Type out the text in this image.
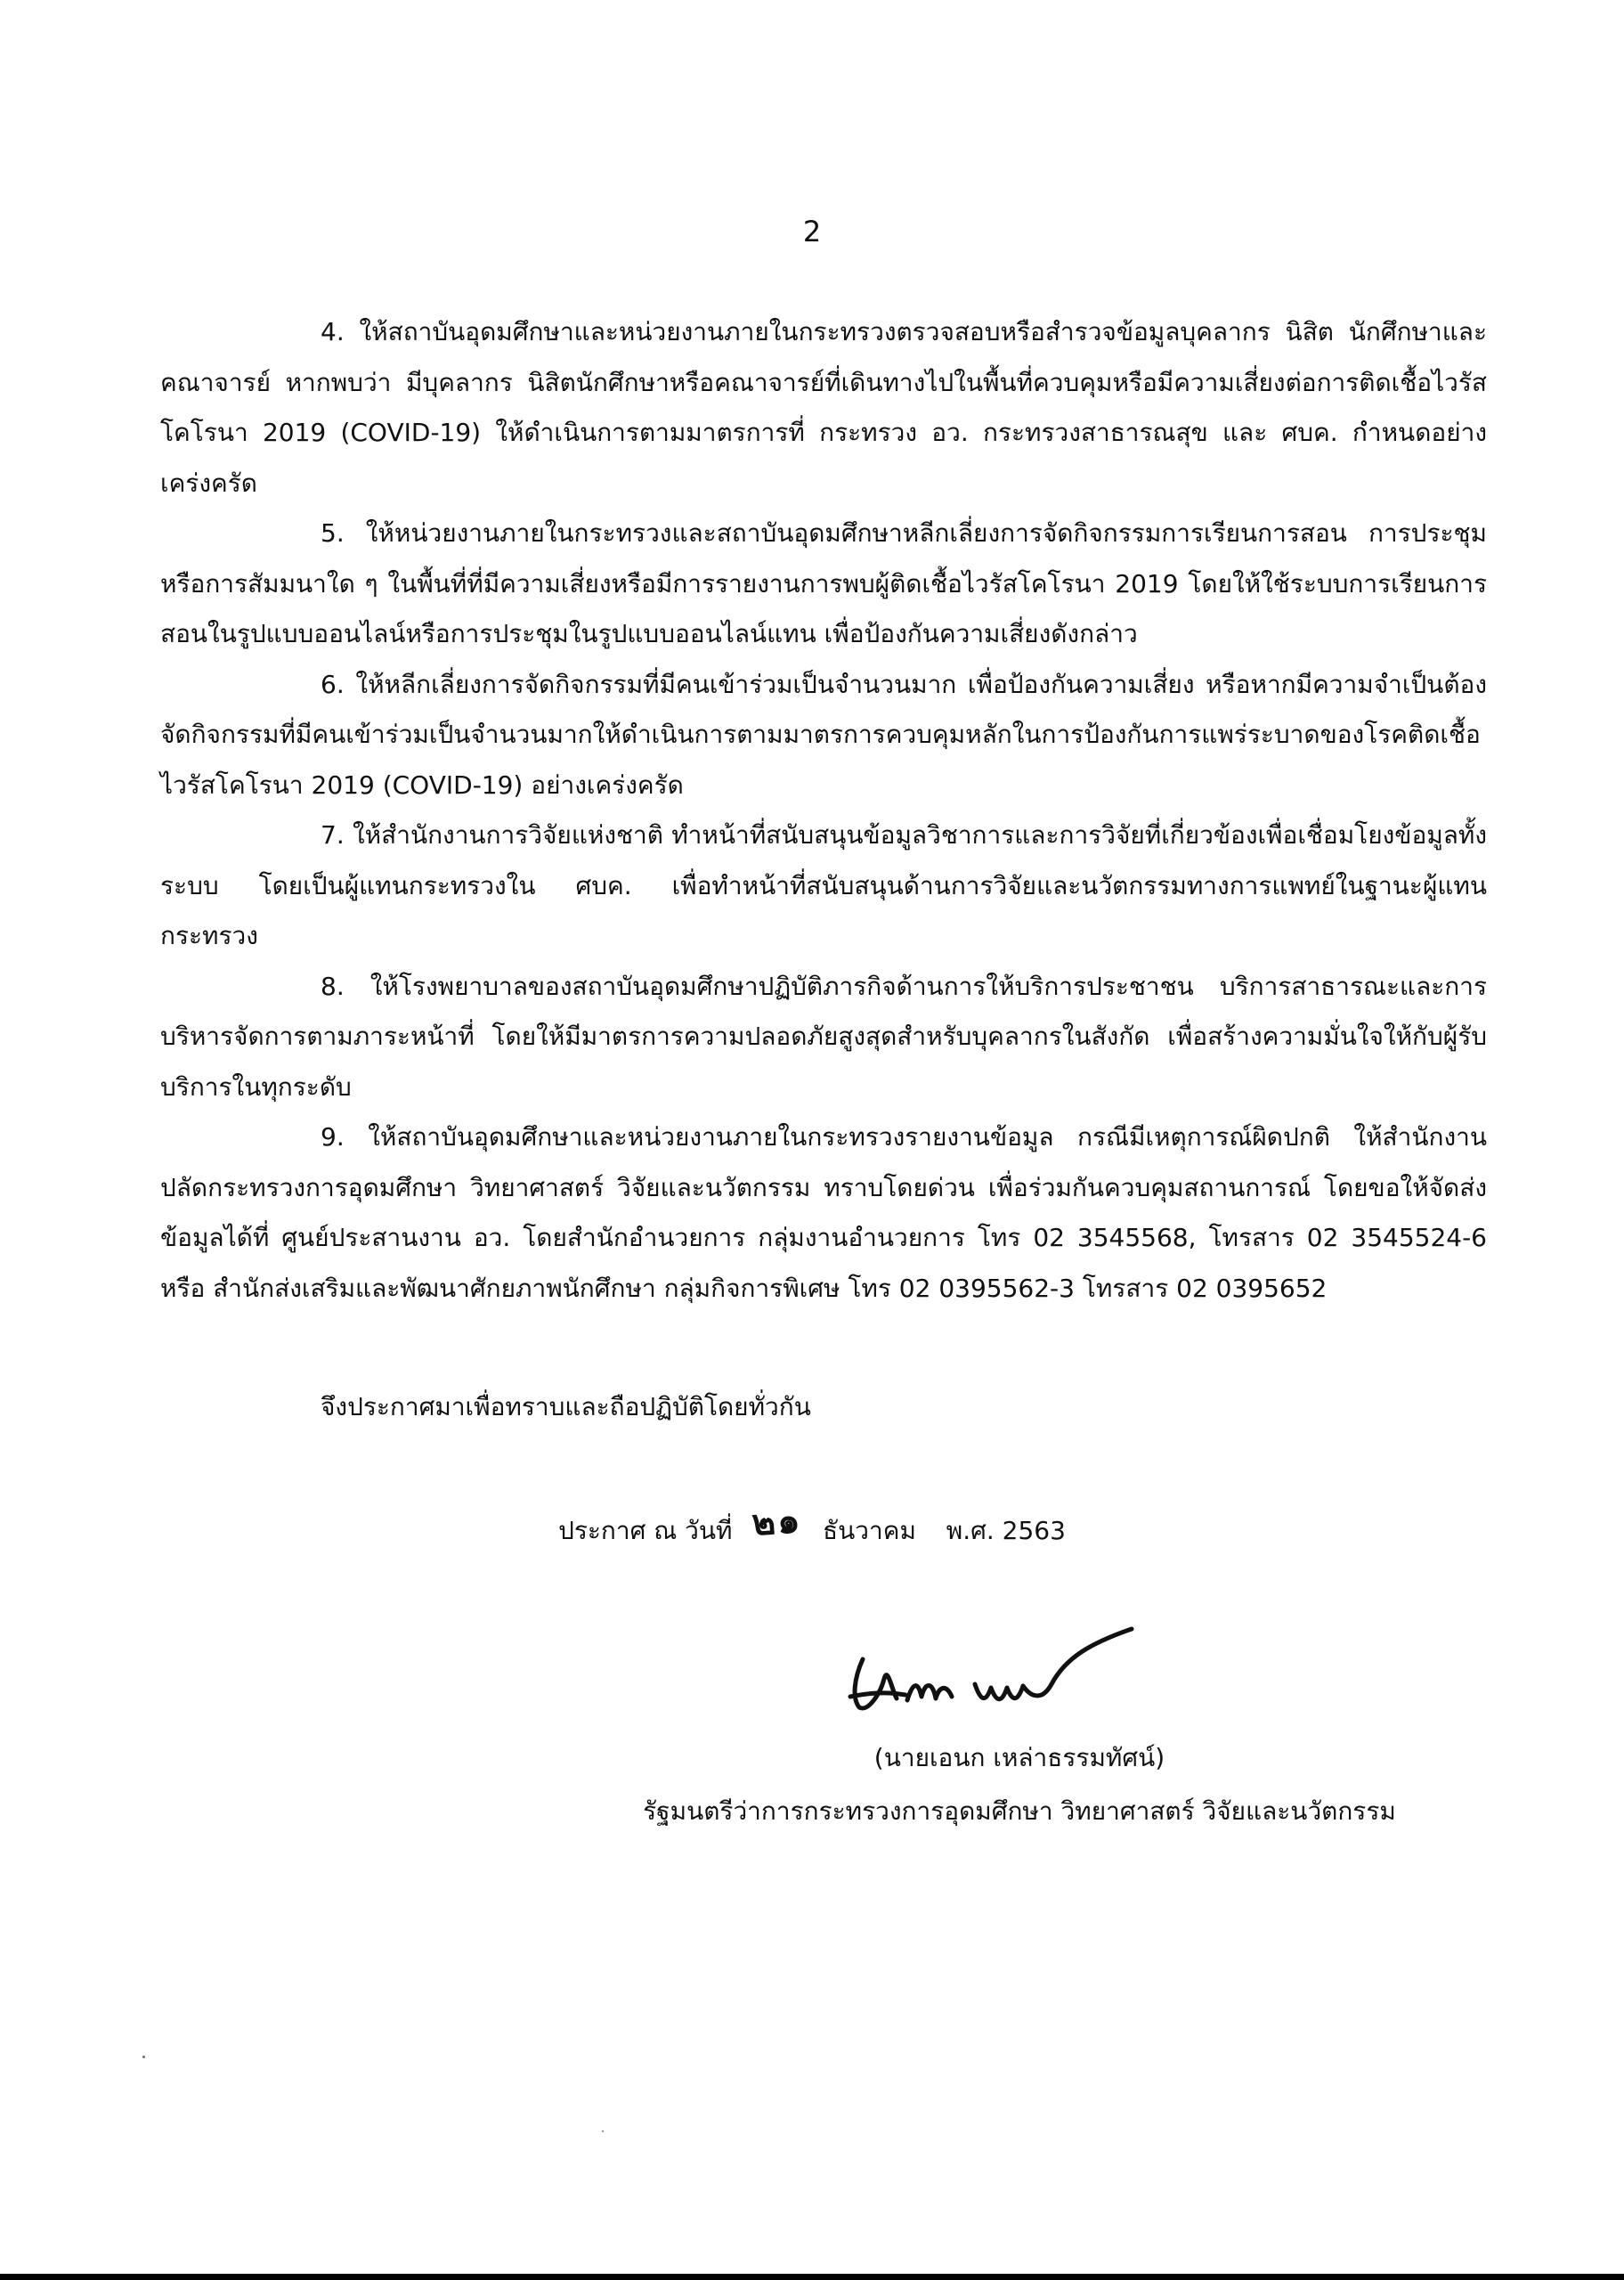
2

4. ให้สถาบันอุดมศึกษาและหน่วยงานภายในกระทรวงตรวจสอบหรือสำรวจข้อมูลบุคลากร นิสิต นักศึกษาและคณาจารย์ หากพบว่า มีบุคลากร นิสิตนักศึกษาหรือคณาจารย์ที่เดินทางไปในพื้นที่ควบคุมหรือมีความเสี่ยงต่อการติดเชื้อไวรัสโคโรนา 2019 (COVID-19) ให้ดำเนินการตามมาตรการที่ กระทรวง อว. กระทรวงสาธารณสุข และ ศบค. กำหนดอย่างเคร่งครัด

5. ให้หน่วยงานภายในกระทรวงและสถาบันอุดมศึกษาหลีกเลี่ยงการจัดกิจกรรมการเรียนการสอน การประชุม หรือการสัมมนาใด ๆ ในพื้นที่ที่มีความเสี่ยงหรือมีการรายงานการพบผู้ติดเชื้อไวรัสโคโรนา 2019 โดยให้ใช้ระบบการเรียนการสอนในรูปแบบออนไลน์หรือการประชุมในรูปแบบออนไลน์แทน เพื่อป้องกันความเสี่ยงดังกล่าว

6. ให้หลีกเลี่ยงการจัดกิจกรรมที่มีคนเข้าร่วมเป็นจำนวนมาก เพื่อป้องกันความเสี่ยง หรือหากมีความจำเป็นต้องจัดกิจกรรมที่มีคนเข้าร่วมเป็นจำนวนมากให้ดำเนินการตามมาตรการควบคุมหลักในการป้องกันการแพร่ระบาดของโรคติดเชื้อไวรัสโคโรนา 2019 (COVID-19) อย่างเคร่งครัด

7. ให้สำนักงานการวิจัยแห่งชาติ ทำหน้าที่สนับสนุนข้อมูลวิชาการและการวิจัยที่เกี่ยวข้องเพื่อเชื่อมโยงข้อมูลทั้งระบบ โดยเป็นผู้แทนกระทรวงใน ศบค. เพื่อทำหน้าที่สนับสนุนด้านการวิจัยและนวัตกรรมทางการแพทย์ในฐานะผู้แทนกระทรวง

8. ให้โรงพยาบาลของสถาบันอุดมศึกษาปฏิบัติภารกิจด้านการให้บริการประชาชน บริการสาธารณะและการบริหารจัดการตามภาระหน้าที่ โดยให้มีมาตรการความปลอดภัยสูงสุดสำหรับบุคลากรในสังกัด เพื่อสร้างความมั่นใจให้กับผู้รับบริการในทุกระดับ

9. ให้สถาบันอุดมศึกษาและหน่วยงานภายในกระทรวงรายงานข้อมูล กรณีมีเหตุการณ์ผิดปกติ ให้สำนักงานปลัดกระทรวงการอุดมศึกษา วิทยาศาสตร์ วิจัยและนวัตกรรม ทราบโดยด่วน เพื่อร่วมกันควบคุมสถานการณ์ โดยขอให้จัดส่งข้อมูลได้ที่ ศูนย์ประสานงาน อว. โดยสำนักอำนวยการ กลุ่มงานอำนวยการ โทร 02 3545568, โทรสาร 02 3545524-6 หรือ สำนักส่งเสริมและพัฒนาศักยภาพนักศึกษา กลุ่มกิจการพิเศษ โทร 02 0395562-3 โทรสาร 02 0395652

จึงประกาศมาเพื่อทราบและถือปฏิบัติโดยทั่วกัน
ประกาศ ณ วันที่ ๒๑ ธันวาคม พ.ศ. 2563
(นายเอนก เหล่าธรรมทัศน์)
รัฐมนตรีว่าการกระทรวงการอุดมศึกษา วิทยาศาสตร์ วิจัยและนวัตกรรม
